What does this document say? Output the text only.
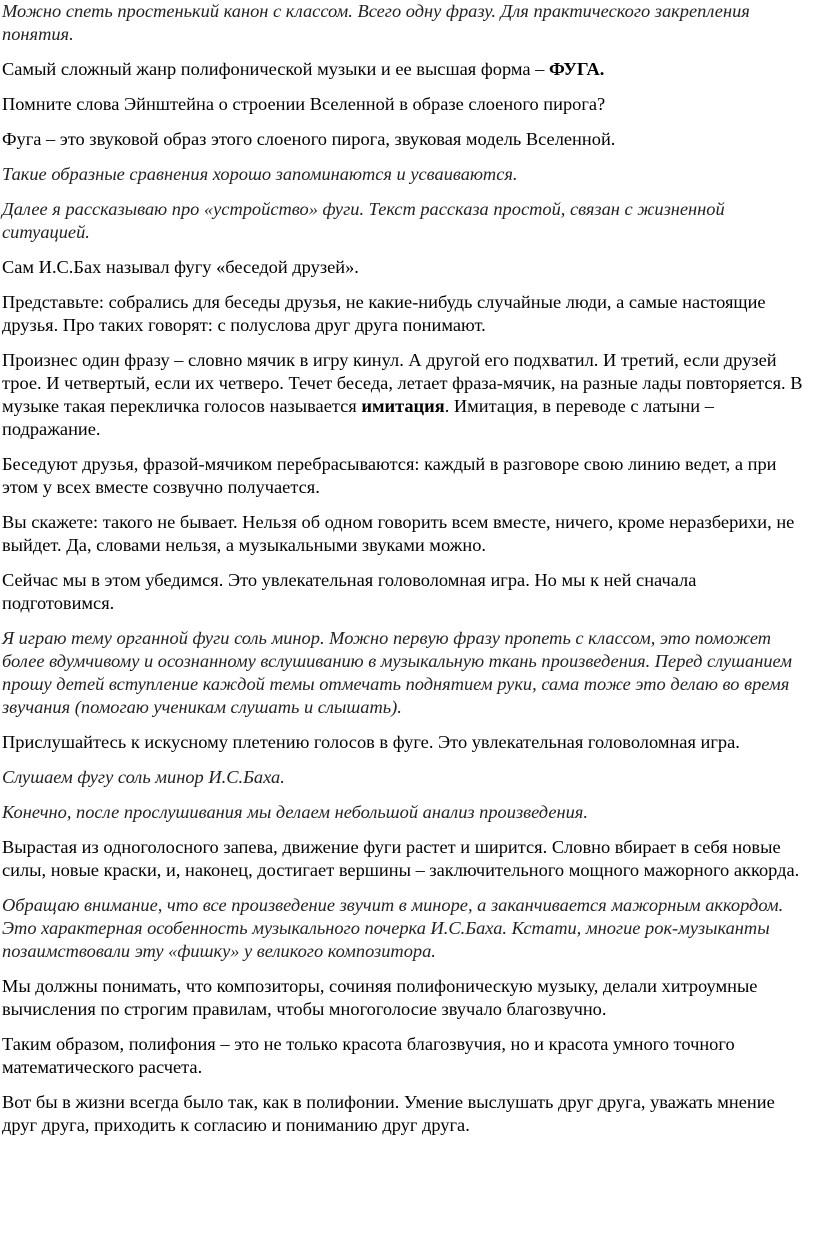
Можно спеть простенький канон с классом. Всего одну фразу. Для практического закрепления понятия.

Самый сложный жанр полифонической музыки и ее высшая форма – ФУГА.

Помните слова Эйнштейна о строении Вселенной в образе слоеного пирога?

Фуга – это звуковой образ этого слоеного пирога, звуковая модель Вселенной.

Такие образные сравнения хорошо запоминаются и усваиваются.

Далее я рассказываю про «устройство» фуги. Текст рассказа простой, связан с жизненной ситуацией.

Сам И.С.Бах называл фугу «беседой друзей».

Представьте: собрались для беседы друзья, не какие-нибудь случайные люди, а самые настоящие друзья. Про таких говорят: с полуслова друг друга понимают.

Произнес один фразу – словно мячик в игру кинул. А другой его подхватил. И третий, если друзей трое. И четвертый, если их четверо. Течет беседа, летает фраза-мячик, на разные лады повторяется. В музыке такая перекличка голосов называется имитация. Имитация, в переводе с латыни – подражание.

Беседуют друзья, фразой-мячиком перебрасываются: каждый в разговоре свою линию ведет, а при этом у всех вместе созвучно получается.

Вы скажете: такого не бывает. Нельзя об одном говорить всем вместе, ничего, кроме неразберихи, не выйдет. Да, словами нельзя, а музыкальными звуками можно.

Сейчас мы в этом убедимся. Это увлекательная головоломная игра. Но мы к ней сначала подготовимся.

Я играю тему органной фуги соль минор. Можно первую фразу пропеть с классом, это поможет более вдумчивому и осознанному вслушиванию в музыкальную ткань произведения. Перед слушанием прошу детей вступление каждой темы отмечать поднятием руки, сама тоже это делаю во время звучания (помогаю ученикам слушать и слышать).

Прислушайтесь к искусному плетению голосов в фуге. Это увлекательная головоломная игра.

Слушаем фугу соль минор И.С.Баха.

Конечно, после прослушивания мы делаем небольшой анализ произведения.

Вырастая из одноголосного запева, движение фуги растет и ширится. Словно вбирает в себя новые силы, новые краски, и, наконец, достигает вершины – заключительного мощного мажорного аккорда.

Обращаю внимание, что все произведение звучит в миноре, а заканчивается мажорным аккордом. Это характерная особенность музыкального почерка И.С.Баха. Кстати, многие рок-музыканты позаимствовали эту «фишку» у великого композитора.

Мы должны понимать, что композиторы, сочиняя полифоническую музыку, делали хитроумные вычисления по строгим правилам, чтобы многоголосие звучало благозвучно.

Таким образом, полифония – это не только красота благозвучия, но и красота умного точного математического расчета.

Вот бы в жизни всегда было так, как в полифонии. Умение выслушать друг друга, уважать мнение друг друга, приходить к согласию и пониманию друг друга.
